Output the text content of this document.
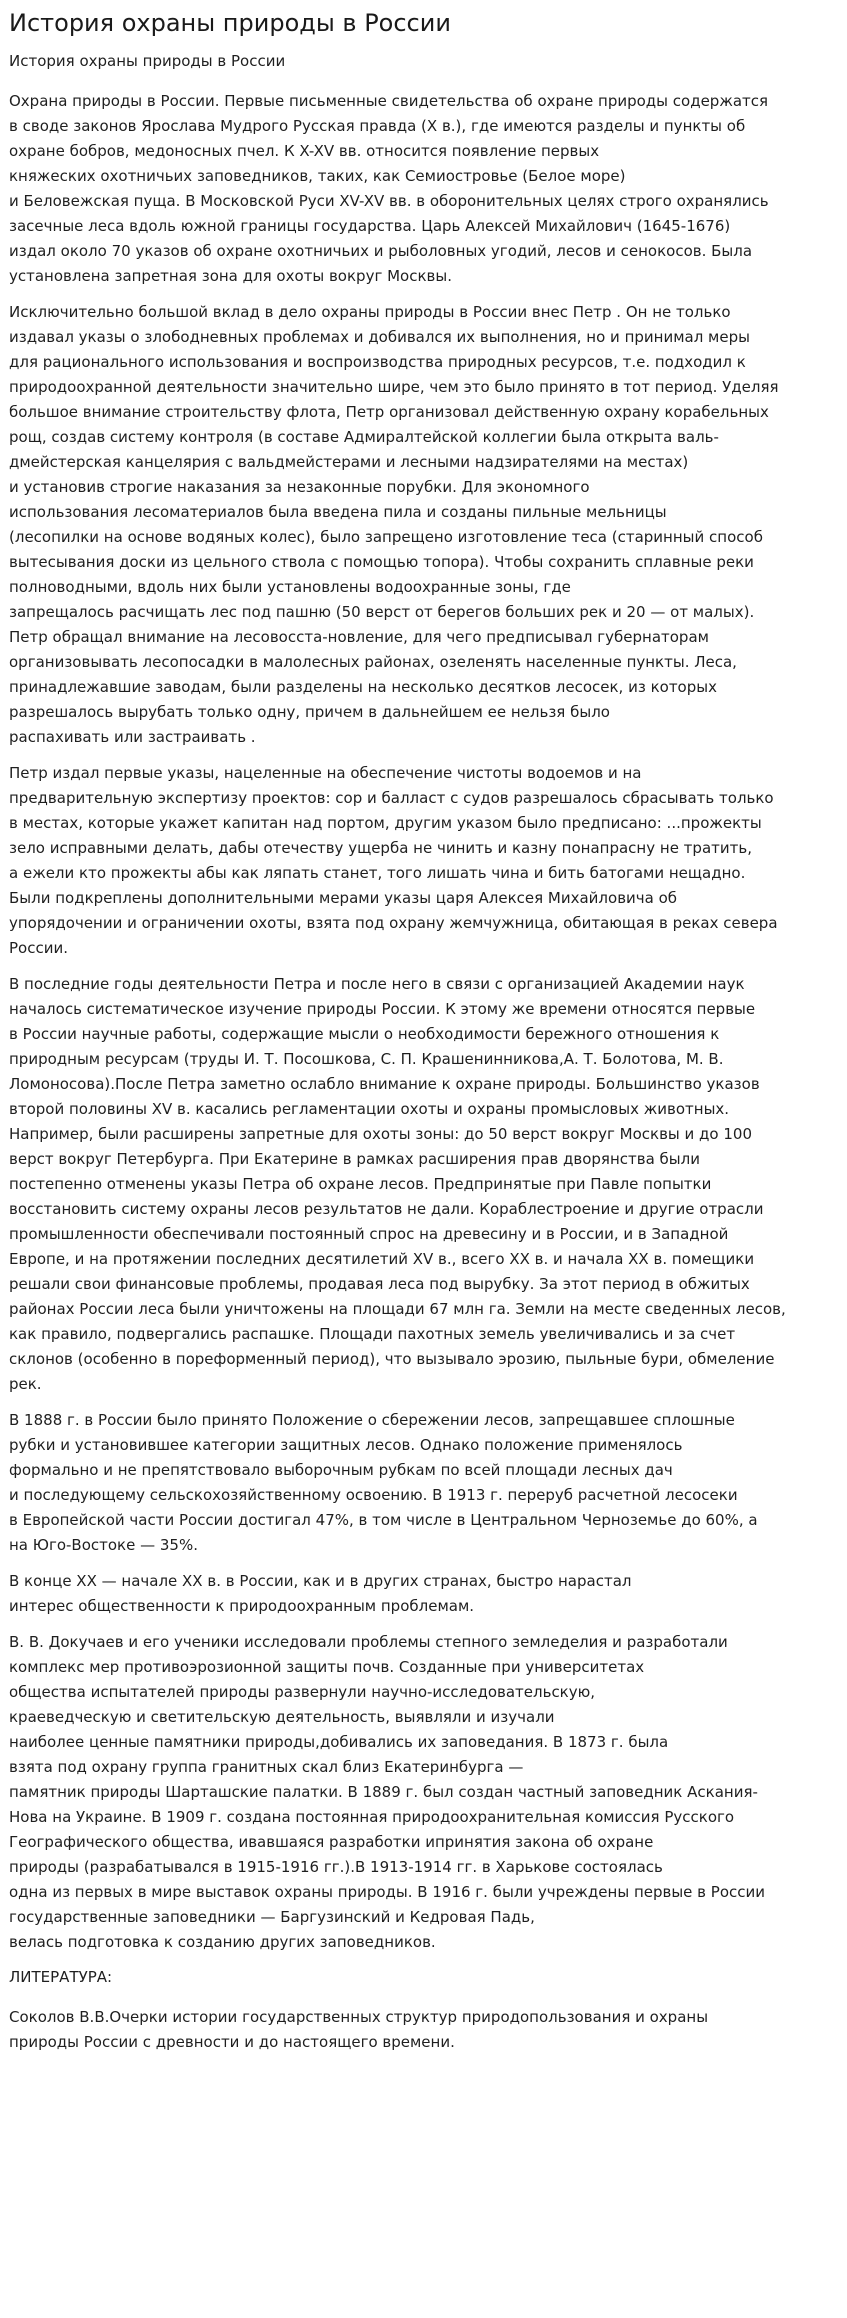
История охраны природы в России
История охраны природы в России

Охрана природы в России. Первые письменные свидетельства об охране природы содержатся
в своде законов Ярослава Мудрого Русская правда (X в.), где имеются разделы и пункты об
охране бобров, медоносных пчел. К X-XV вв. относится появление первых
княжеских охотничьих заповедников, таких, как Семиостровье (Белое море)
и Беловежская пуща. В Московской Руси XV-XV вв. в оборонительных целях строго охранялись
засечные леса вдоль южной границы государства. Царь Алексей Михайлович (1645-1676)
издал около 70 указов об охране охотничьих и рыболовных угодий, лесов и сенокосов. Была
установлена запретная зона для охоты вокруг Москвы.

Исключительно большой вклад в дело охраны природы в России внес Петр . Он не только
издавал указы о злободневных проблемах и добивался их выполнения, но и принимал меры
для рационального использования и воспроизводства природных ресурсов, т.е. подходил к
природоохранной деятельности значительно шире, чем это было принято в тот период. Уделяя
большое внимание строительству флота, Петр организовал действенную охрану корабельных
рощ, создав систему контроля (в составе Адмиралтейской коллегии была открыта валь-
дмейстерская канцелярия с вальдмейстерами и лесными надзирателями на местах)
и установив строгие наказания за незаконные порубки. Для экономного
использования лесоматериалов была введена пила и созданы пильные мельницы
(лесопилки на основе водяных колес), было запрещено изготовление теса (старинный способ
вытесывания доски из цельного ствола с помощью топора). Чтобы сохранить сплавные реки
полноводными, вдоль них были установлены водоохранные зоны, где
запрещалось расчищать лес под пашню (50 верст от берегов больших рек и 20 — от малых).
Петр обращал внимание на лесовосста-новление, для чего предписывал губернаторам
организовывать лесопосадки в малолесных районах, озеленять населенные пункты. Леса,
принадлежавшие заводам, были разделены на несколько десятков лесосек, из которых
разрешалось вырубать только одну, причем в дальнейшем ее нельзя было
распахивать или застраивать .

Петр издал первые указы, нацеленные на обеспечение чистоты водоемов и на
предварительную экспертизу проектов: сор и балласт с судов разрешалось сбрасывать только
в местах, которые укажет капитан над портом, другим указом было предписано: ...прожекты
зело исправными делать, дабы отечеству ущерба не чинить и казну понапрасну не тратить,
а ежели кто прожекты абы как ляпать станет, того лишать чина и бить батогами нещадно.
Были подкреплены дополнительными мерами указы царя Алексея Михайловича об
упорядочении и ограничении охоты, взята под охрану жемчужница, обитающая в реках севера
России.

В последние годы деятельности Петра и после него в связи с организацией Академии наук
началось систематическое изучение природы России. К этому же времени относятся первые
в России научные работы, содержащие мысли о необходимости бережного отношения к
природным ресурсам (труды И. Т. Посошкова, С. П. Крашенинникова,А. Т. Болотова, М. В.
Ломоносова).После Петра заметно ослабло внимание к охране природы. Большинство указов
второй половины XV в. касались регламентации охоты и охраны промысловых животных.
Например, были расширены запретные для охоты зоны: до 50 верст вокруг Москвы и до 100
верст вокруг Петербурга. При Екатерине в рамках расширения прав дворянства были
постепенно отменены указы Петра об охране лесов. Предпринятые при Павле попытки
восстановить систему охраны лесов результатов не дали. Кораблестроение и другие отрасли
промышленности обеспечивали постоянный спрос на древесину и в России, и в Западной
Европе, и на протяжении последних десятилетий XV в., всего XX в. и начала XX в. помещики
решали свои финансовые проблемы, продавая леса под вырубку. За этот период в обжитых
районах России леса были уничтожены на площади 67 млн га. Земли на месте сведенных лесов,
как правило, подвергались распашке. Площади пахотных земель увеличивались и за счет
склонов (особенно в пореформенный период), что вызывало эрозию, пыльные бури, обмеление
рек.

В 1888 г. в России было принято Положение о сбережении лесов, запрещавшее сплошные
рубки и установившее категории защитных лесов. Однако положение применялось
формально и не препятствовало выборочным рубкам по всей площади лесных дач
и последующему сельскохозяйственному освоению. В 1913 г. переруб расчетной лесосеки
в Европейской части России достигал 47%, в том числе в Центральном Черноземье до 60%, а
на Юго-Востоке — 35%.

В конце XX — начале XX в. в России, как и в других странах, быстро нарастал
интерес общественности к природоохранным проблемам.

В. В. Докучаев и его ученики исследовали проблемы степного земледелия и разработали
комплекс мер противоэрозионной защиты почв. Созданные при университетах
общества испытателей природы развернули научно-исследовательскую,
краеведческую и светительскую деятельность, выявляли и изучали
наиболее ценные памятники природы,добивались их заповедания. В 1873 г. была
взята под охрану группа гранитных скал близ Екатеринбурга —
памятник природы Шарташские палатки. В 1889 г. был создан частный заповедник Аскания-
Нова на Украине. В 1909 г. создана постоянная природоохранительная комиссия Русского
Географического общества, ивавшаяся разработки ипринятия закона об охране
природы (разрабатывался в 1915-1916 гг.).В 1913-1914 гг. в Харькове состоялась
одна из первых в мире выставок охраны природы. В 1916 г. были учреждены первые в России
государственные заповедники — Баргузинский и Кедровая Падь,
велась подготовка к созданию других заповедников.

ЛИТЕРАТУРА:
Соколов В.В.Очерки истории государственных структур природопользования и охраны
природы России с древности и до настоящего времени.
